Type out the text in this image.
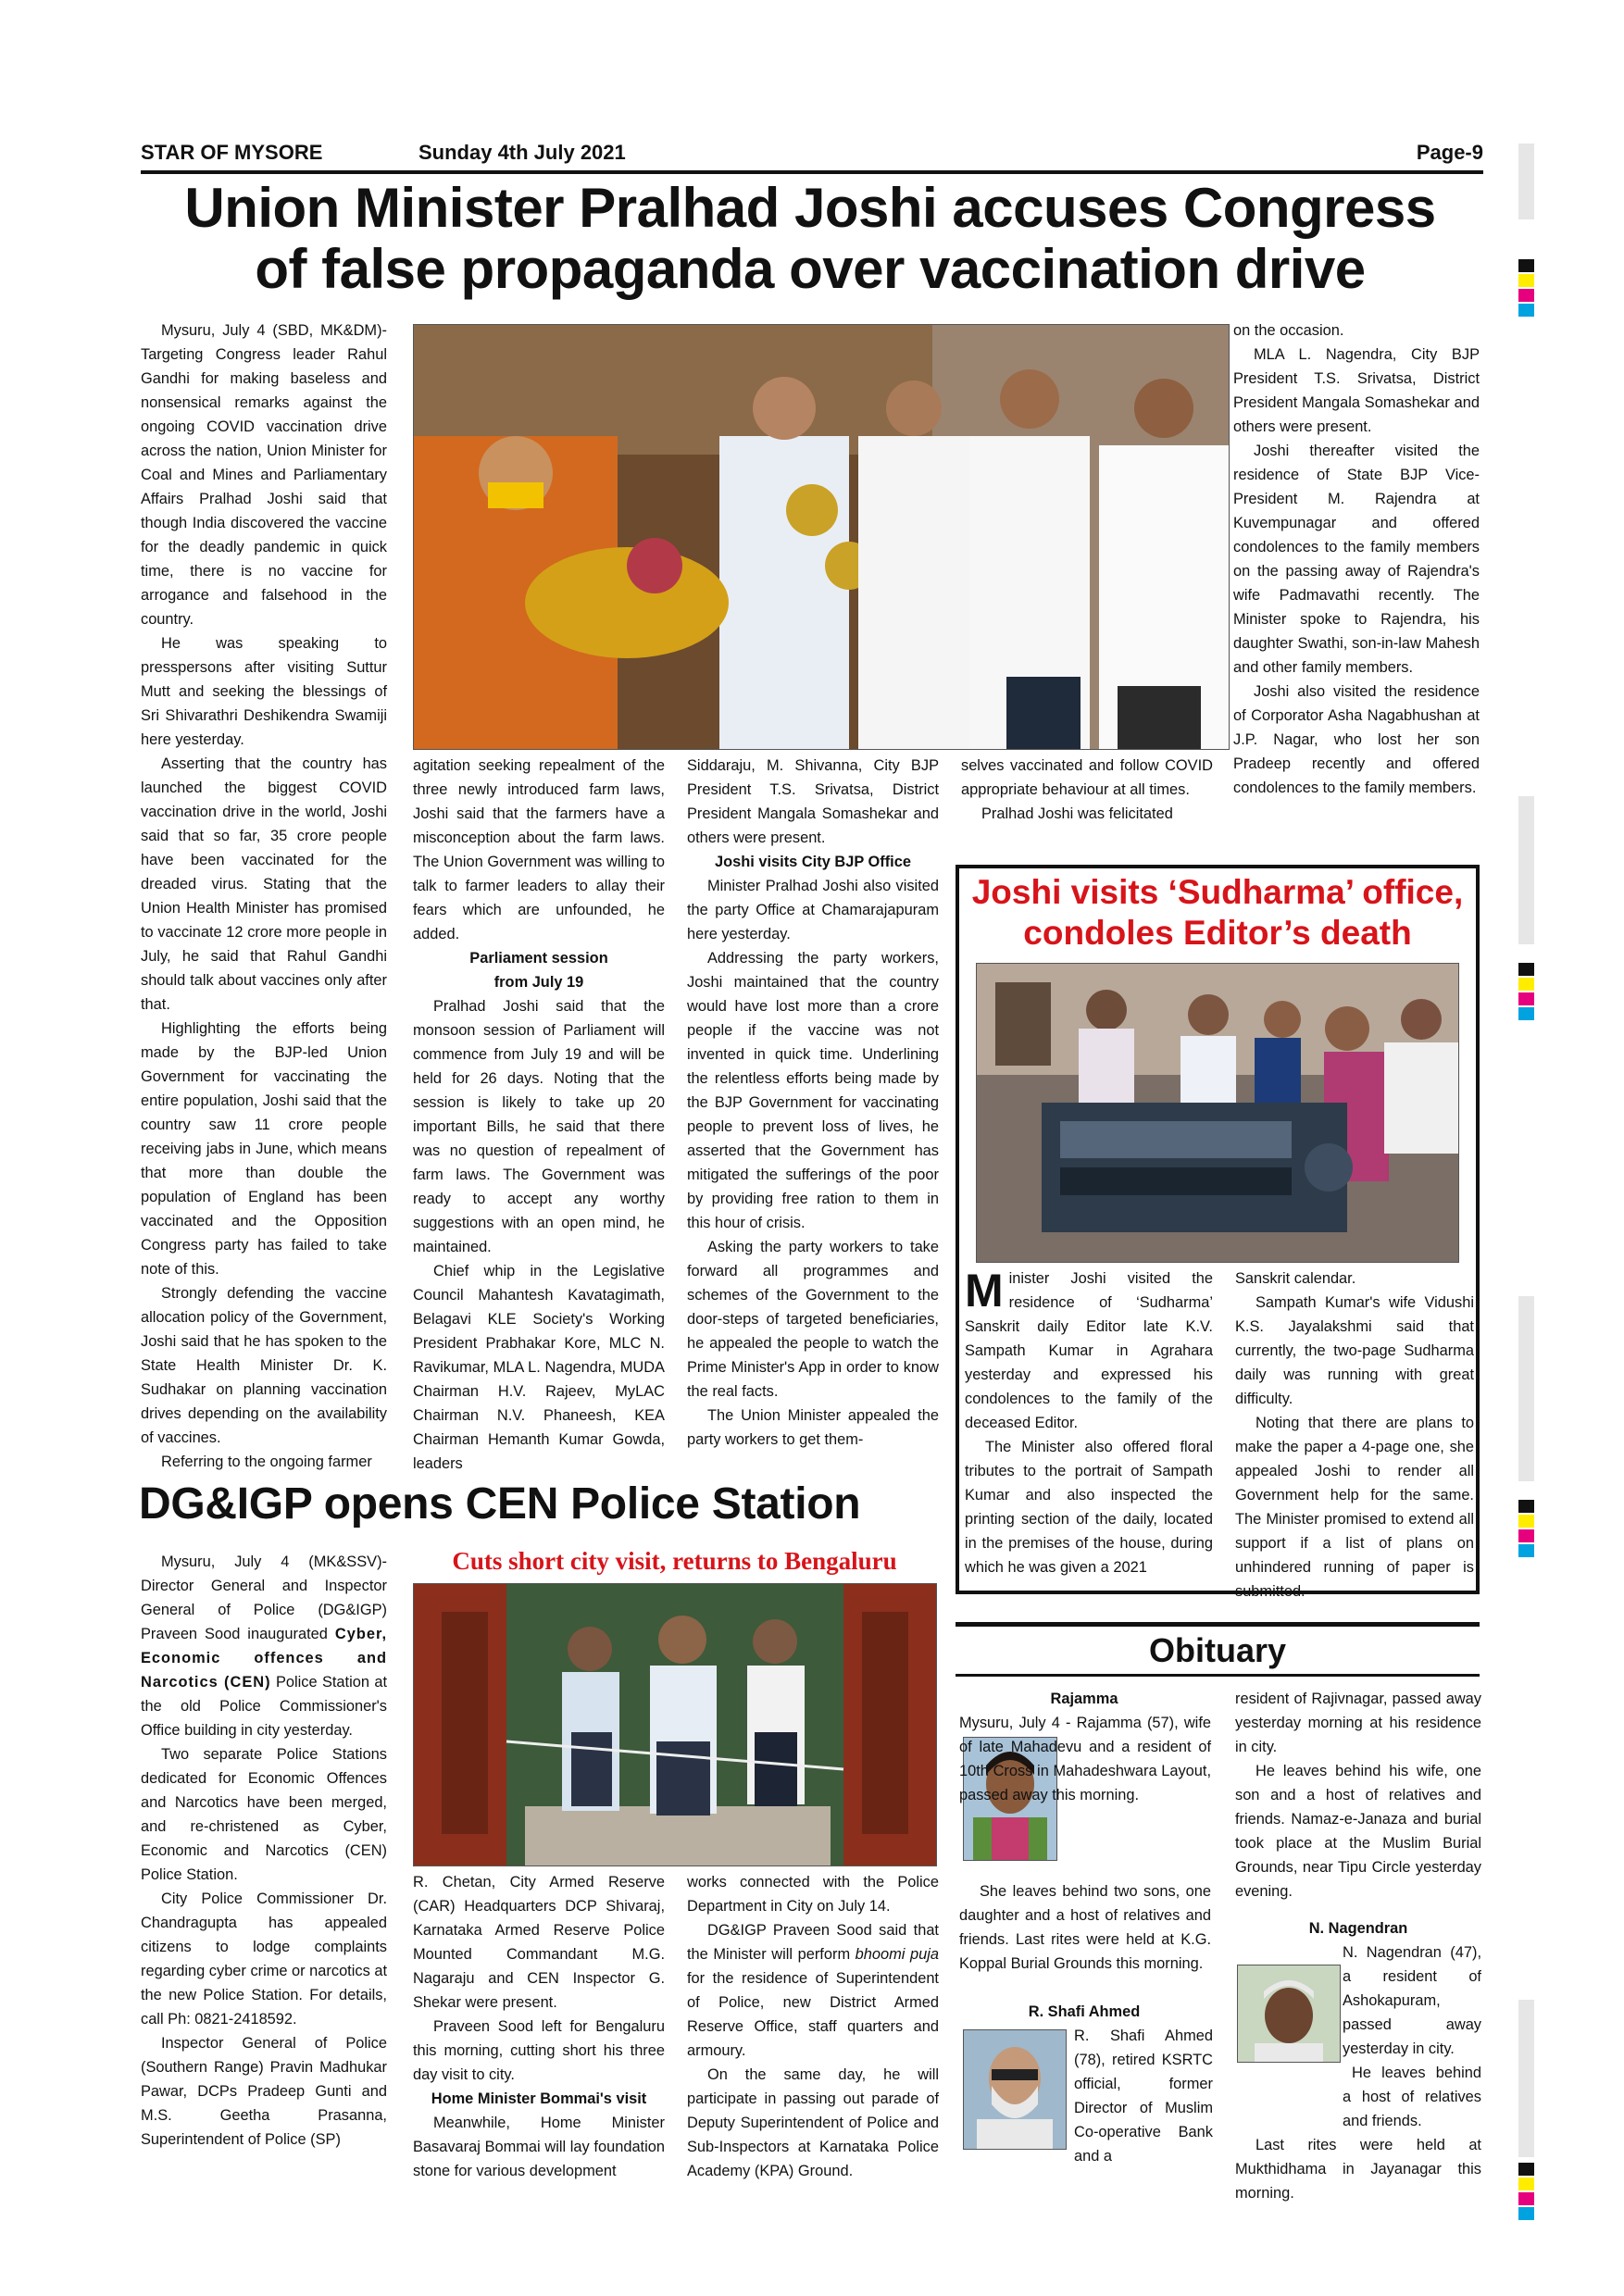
STAR OF MYSORE	Sunday 4th July 2021	Page-9
Union Minister Pralhad Joshi accuses Congress
of false propaganda over vaccination drive

Mysuru, July 4 (SBD, MK&DM)- Targeting Congress leader Rahul Gandhi for making baseless and nonsensical remarks against the ongoing COVID vaccination drive across the nation, Union Minister for Coal and Mines and Parliamentary Affairs Pralhad Joshi said that though India discovered the vaccine for the deadly pandemic in quick time, there is no vaccine for arrogance and falsehood in the country.

He was speaking to presspersons after visiting Suttur Mutt and seeking the blessings of Sri Shivarathri Deshikendra Swamiji here yesterday.

Asserting that the country has launched the biggest COVID vaccination drive in the world, Joshi said that so far, 35 crore people have been vaccinated for the dreaded virus. Stating that the Union Health Minister has promised to vaccinate 12 crore more people in July, he said that Rahul Gandhi should talk about vaccines only after that.

Highlighting the efforts being made by the BJP-led Union Government for vaccinating the entire population, Joshi said that the country saw 11 crore people receiving jabs in June, which means that more than double the population of England has been vaccinated and the Opposition Congress party has failed to take note of this.

Strongly defending the vaccine allocation policy of the Government, Joshi said that he has spoken to the State Health Minister Dr. K. Sudhakar on planning vaccination drives depending on the availability of vaccines.

Referring to the ongoing farmer

agitation seeking repealment of the three newly introduced farm laws, Joshi said that the farmers have a misconception about the farm laws. The Union Government was willing to talk to farmer leaders to allay their fears which are unfounded, he added.

Parliament session

from July 19

Pralhad Joshi said that the monsoon session of Parliament will commence from July 19 and will be held for 26 days. Noting that the session is likely to take up 20 important Bills, he said that there was no question of repealment of farm laws. The Government was ready to accept any worthy suggestions with an open mind, he maintained.

Chief whip in the Legislative Council Mahantesh Kavatagimath, Belagavi KLE Society's Working President Prabhakar Kore, MLC N. Ravikumar, MLA L. Nagendra, MUDA Chairman H.V. Rajeev, MyLAC Chairman N.V. Phaneesh, KEA Chairman Hemanth Kumar Gowda, leaders

Siddaraju, M. Shivanna, City BJP President T.S. Srivatsa, District President Mangala Somashekar and others were present.

Joshi visits City BJP Office

Minister Pralhad Joshi also visited the party Office at Chamarajapuram here yesterday.

Addressing the party workers, Joshi maintained that the country would have lost more than a crore people if the vaccine was not invented in quick time. Underlining the relentless efforts being made by the BJP Government for vaccinating people to prevent loss of lives, he asserted that the Government has mitigated the sufferings of the poor by providing free ration to them in this hour of crisis.

Asking the party workers to take forward all programmes and schemes of the Government to the door-steps of targeted beneficiaries, he appealed the people to watch the Prime Minister's App in order to know the real facts.

The Union Minister appealed the party workers to get them-

selves vaccinated and follow COVID appropriate behaviour at all times.

Pralhad Joshi was felicitated

on the occasion.

MLA L. Nagendra, City BJP President T.S. Srivatsa, District President Mangala Somashekar and others were present.

Joshi thereafter visited the residence of State BJP Vice-President M. Rajendra at Kuvempunagar and offered condolences to the family members on the passing away of Rajendra's wife Padmavathi recently. The Minister spoke to Rajendra, his daughter Swathi, son-in-law Mahesh and other family members.

Joshi also visited the residence of Corporator Asha Nagabhushan at J.P. Nagar, who lost her son Pradeep recently and offered condolences to the family members.

Joshi visits ‘Sudharma’ office,
condoles Editor’s death

Minister Joshi visited the residence of ‘Sudharma’ Sanskrit daily Editor late K.V. Sampath Kumar in Agrahara yesterday and expressed his condolences to the family of the deceased Editor.

The Minister also offered floral tributes to the portrait of Sampath Kumar and also inspected the printing section of the daily, located in the premises of the house, during which he was given a 2021

Sanskrit calendar.

Sampath Kumar's wife Vidushi K.S. Jayalakshmi said that currently, the two-page Sudharma daily was running with great difficulty.

Noting that there are plans to make the paper a 4-page one, she appealed Joshi to render all Government help for the same. The Minister promised to extend all support if a list of plans on unhindered running of paper is submitted.

DG&IGP opens CEN Police Station
Cuts short city visit, returns to Bengaluru

Mysuru, July 4 (MK&SSV)- Director General and Inspector General of Police (DG&IGP) Praveen Sood inaugurated Cyber, Economic offences and Narcotics (CEN) Police Station at the old Police Commissioner's Office building in city yesterday.

Two separate Police Stations dedicated for Economic Offences and Narcotics have been merged, and re-christened as Cyber, Economic and Narcotics (CEN) Police Station.

City Police Commissioner Dr. Chandragupta has appealed citizens to lodge complaints regarding cyber crime or narcotics at the new Police Station. For details, call Ph: 0821-2418592.

Inspector General of Police (Southern Range) Pravin Madhukar Pawar, DCPs Pradeep Gunti and M.S. Geetha Prasanna, Superintendent of Police (SP)

R. Chetan, City Armed Reserve (CAR) Headquarters DCP Shivaraj, Karnataka Armed Reserve Police Mounted Commandant M.G. Nagaraju and CEN Inspector G. Shekar were present.

Praveen Sood left for Bengaluru this morning, cutting short his three day visit to city.

Home Minister Bommai's visit

Meanwhile, Home Minister Basavaraj Bommai will lay foundation stone for various development

works connected with the Police Department in City on July 14.

DG&IGP Praveen Sood said that the Minister will perform bhoomi puja for the residence of Superintendent of Police, new District Armed Reserve Office, staff quarters and armoury.

On the same day, he will participate in passing out parade of Deputy Superintendent of Police and Sub-Inspectors at Karnataka Police Academy (KPA) Ground.

Obituary
Rajamma

Mysuru, July 4 - Rajamma (57), wife of late Mahadevu and a resident of 10th Cross in Mahadeshwara Layout, passed away this morning.

She leaves behind two sons, one daughter and a host of relatives and friends. Last rites were held at K.G. Koppal Burial Grounds this morning.

R. Shafi Ahmed

R. Shafi Ahmed (78), retired KSRTC official, former Director of Muslim Co-operative Bank and a

resident of Rajivnagar, passed away yesterday morning at his residence in city.

He leaves behind his wife, one son and a host of relatives and friends. Namaz-e-Janaza and burial took place at the Muslim Burial Grounds, near Tipu Circle yesterday evening.

N. Nagendran

N. Nagendran (47), a resident of Ashokapuram, passed away yesterday in city.

He leaves behind a host of relatives and friends.

Last rites were held at Mukthidhama in Jayanagar this morning.
